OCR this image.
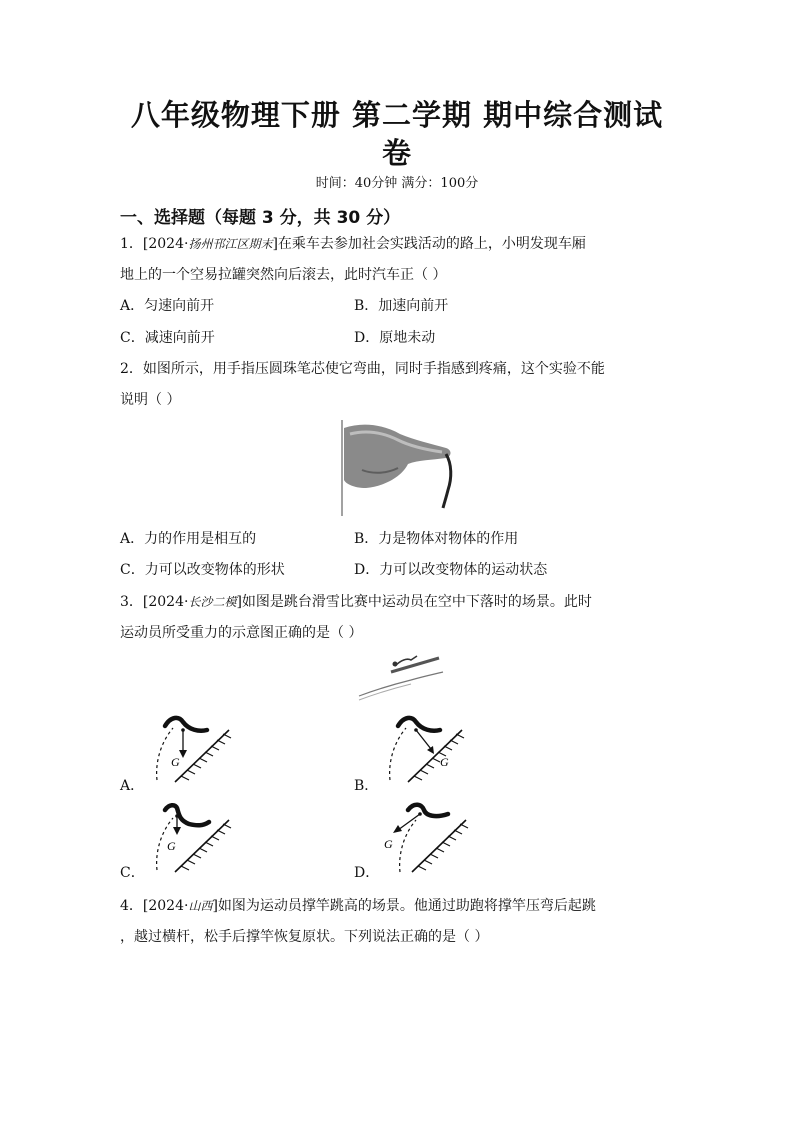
八年级物理下册 第二学期 期中综合测试
卷
时间：40分钟 满分：100分
一、选择题（每题 3 分，共 30 分）
1．[2024·扬州邗江区期末]在乘车去参加社会实践活动的路上，小明发现车厢
地上的一个空易拉罐突然向后滚去，此时汽车正（ ）
A．匀速向前开	B．加速向前开
C．减速向前开	D．原地未动
2．如图所示，用手指压圆珠笔芯使它弯曲，同时手指感到疼痛，这个实验不能
说明（ ）
A．力的作用是相互的	B．力是物体对物体的作用
C．力可以改变物体的形状	D．力可以改变物体的运动状态
3．[2024·长沙二模]如图是跳台滑雪比赛中运动员在空中下落时的场景。此时
运动员所受重力的示意图正确的是（ ）
G
A．
G
B．
G
C．
G
D．
4．[2024·山西]如图为运动员撑竿跳高的场景。他通过助跑将撑竿压弯后起跳
，越过横杆，松手后撑竿恢复原状。下列说法正确的是（ ）
